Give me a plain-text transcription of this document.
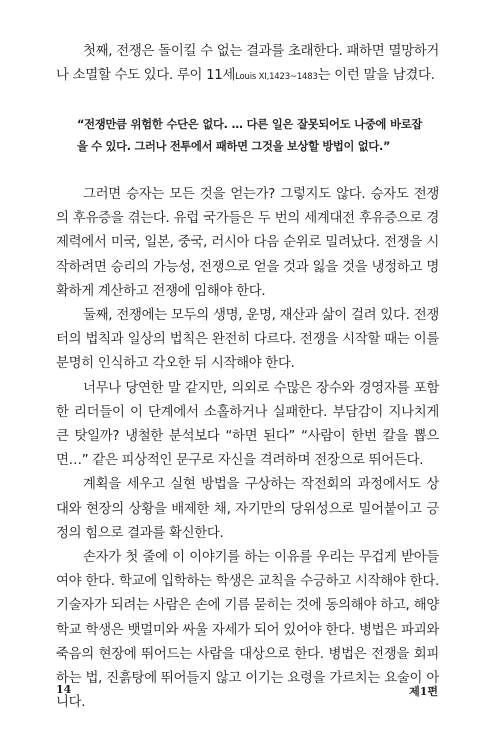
첫째, 전쟁은 돌이킬 수 없는 결과를 초래한다. 패하면 멸망하거나 소멸할 수도 있다. 루이 11세Louis XI,1423~1483는 이런 말을 남겼다.

“전쟁만큼 위험한 수단은 없다. … 다른 일은 잘못되어도 나중에 바로잡을 수 있다. 그러나 전투에서 패하면 그것을 보상할 방법이 없다.”

그러면 승자는 모든 것을 얻는가? 그렇지도 않다. 승자도 전쟁의 후유증을 겪는다. 유럽 국가들은 두 번의 세계대전 후유증으로 경제력에서 미국, 일본, 중국, 러시아 다음 순위로 밀려났다. 전쟁을 시작하려면 승리의 가능성, 전쟁으로 얻을 것과 잃을 것을 냉정하고 명확하게 계산하고 전쟁에 임해야 한다.

둘째, 전쟁에는 모두의 생명, 운명, 재산과 삶이 걸려 있다. 전쟁터의 법칙과 일상의 법칙은 완전히 다르다. 전쟁을 시작할 때는 이를 분명히 인식하고 각오한 뒤 시작해야 한다.

너무나 당연한 말 같지만, 의외로 수많은 장수와 경영자를 포함한 리더들이 이 단계에서 소홀하거나 실패한다. 부담감이 지나치게 큰 탓일까? 냉철한 분석보다 “하면 된다” “사람이 한번 칼을 뽑으면…” 같은 피상적인 문구로 자신을 격려하며 전장으로 뛰어든다.

계획을 세우고 실현 방법을 구상하는 작전회의 과정에서도 상대와 현장의 상황을 배제한 채, 자기만의 당위성으로 밀어붙이고 긍정의 힘으로 결과를 확신한다.

손자가 첫 줄에 이 이야기를 하는 이유를 우리는 무겁게 받아들여야 한다. 학교에 입학하는 학생은 교칙을 수긍하고 시작해야 한다. 기술자가 되려는 사람은 손에 기름 묻히는 것에 동의해야 하고, 해양학교 학생은 뱃멀미와 싸울 자세가 되어 있어야 한다. 병법은 파괴와 죽음의 현장에 뛰어드는 사람을 대상으로 한다. 병법은 전쟁을 회피하는 법, 진흙탕에 뛰어들지 않고 이기는 요령을 가르치는 요술이 아니다.

14	제1편
